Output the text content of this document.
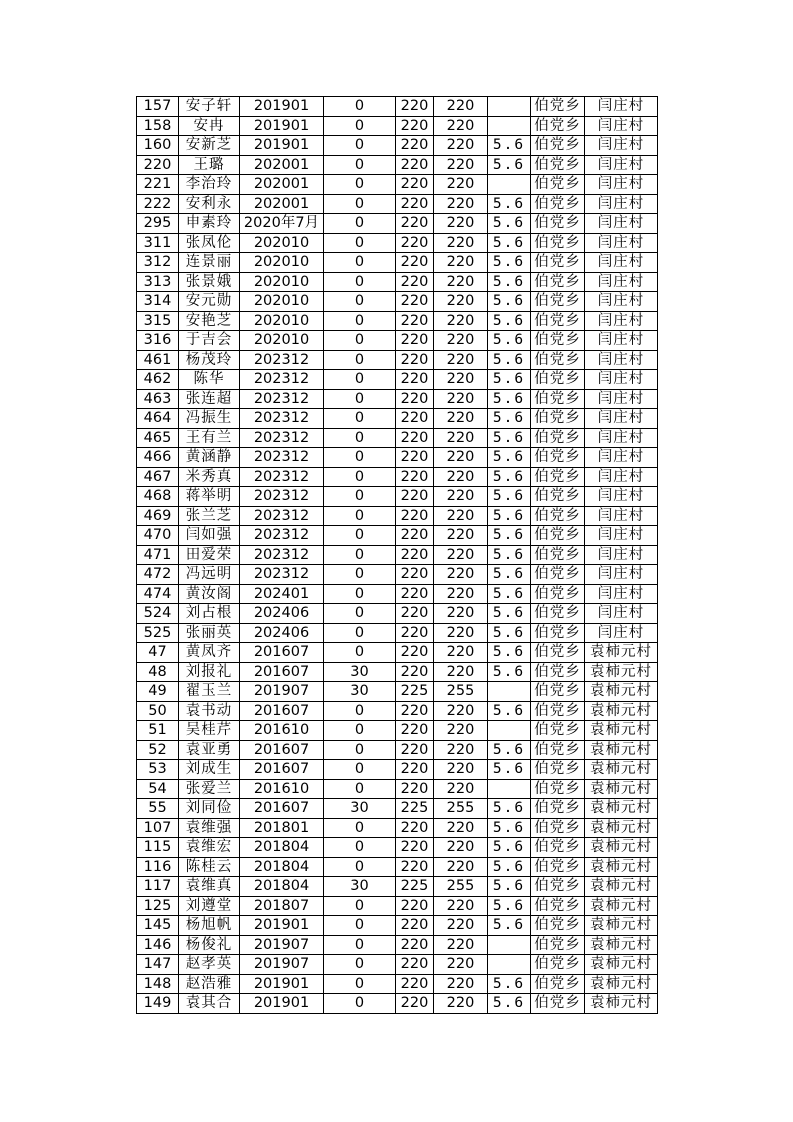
157	安子轩	201901	0	220	220		伯党乡	闫庄村
158	安冉	201901	0	220	220		伯党乡	闫庄村
160	安新芝	201901	0	220	220	5.6	伯党乡	闫庄村
220	王璐	202001	0	220	220	5.6	伯党乡	闫庄村
221	李治玲	202001	0	220	220		伯党乡	闫庄村
222	安利永	202001	0	220	220	5.6	伯党乡	闫庄村
295	申素玲	2020年7月	0	220	220	5.6	伯党乡	闫庄村
311	张凤伦	202010	0	220	220	5.6	伯党乡	闫庄村
312	连景丽	202010	0	220	220	5.6	伯党乡	闫庄村
313	张景娥	202010	0	220	220	5.6	伯党乡	闫庄村
314	安元勋	202010	0	220	220	5.6	伯党乡	闫庄村
315	安艳芝	202010	0	220	220	5.6	伯党乡	闫庄村
316	于吉会	202010	0	220	220	5.6	伯党乡	闫庄村
461	杨茂玲	202312	0	220	220	5.6	伯党乡	闫庄村
462	陈华	202312	0	220	220	5.6	伯党乡	闫庄村
463	张连超	202312	0	220	220	5.6	伯党乡	闫庄村
464	冯振生	202312	0	220	220	5.6	伯党乡	闫庄村
465	王有兰	202312	0	220	220	5.6	伯党乡	闫庄村
466	黄涵静	202312	0	220	220	5.6	伯党乡	闫庄村
467	米秀真	202312	0	220	220	5.6	伯党乡	闫庄村
468	蒋举明	202312	0	220	220	5.6	伯党乡	闫庄村
469	张兰芝	202312	0	220	220	5.6	伯党乡	闫庄村
470	闫如强	202312	0	220	220	5.6	伯党乡	闫庄村
471	田爱荣	202312	0	220	220	5.6	伯党乡	闫庄村
472	冯远明	202312	0	220	220	5.6	伯党乡	闫庄村
474	黄汝阁	202401	0	220	220	5.6	伯党乡	闫庄村
524	刘占根	202406	0	220	220	5.6	伯党乡	闫庄村
525	张丽英	202406	0	220	220	5.6	伯党乡	闫庄村
47	黄凤齐	201607	0	220	220	5.6	伯党乡	袁柿元村
48	刘报礼	201607	30	220	220	5.6	伯党乡	袁柿元村
49	翟玉兰	201907	30	225	255		伯党乡	袁柿元村
50	袁书动	201607	0	220	220	5.6	伯党乡	袁柿元村
51	吴桂芹	201610	0	220	220		伯党乡	袁柿元村
52	袁亚勇	201607	0	220	220	5.6	伯党乡	袁柿元村
53	刘成生	201607	0	220	220	5.6	伯党乡	袁柿元村
54	张爱兰	201610	0	220	220		伯党乡	袁柿元村
55	刘同俭	201607	30	225	255	5.6	伯党乡	袁柿元村
107	袁维强	201801	0	220	220	5.6	伯党乡	袁柿元村
115	袁维宏	201804	0	220	220	5.6	伯党乡	袁柿元村
116	陈桂云	201804	0	220	220	5.6	伯党乡	袁柿元村
117	袁维真	201804	30	225	255	5.6	伯党乡	袁柿元村
125	刘遵堂	201807	0	220	220	5.6	伯党乡	袁柿元村
145	杨旭帆	201901	0	220	220	5.6	伯党乡	袁柿元村
146	杨俊礼	201907	0	220	220		伯党乡	袁柿元村
147	赵孝英	201907	0	220	220		伯党乡	袁柿元村
148	赵浩雅	201901	0	220	220	5.6	伯党乡	袁柿元村
149	袁其合	201901	0	220	220	5.6	伯党乡	袁柿元村
